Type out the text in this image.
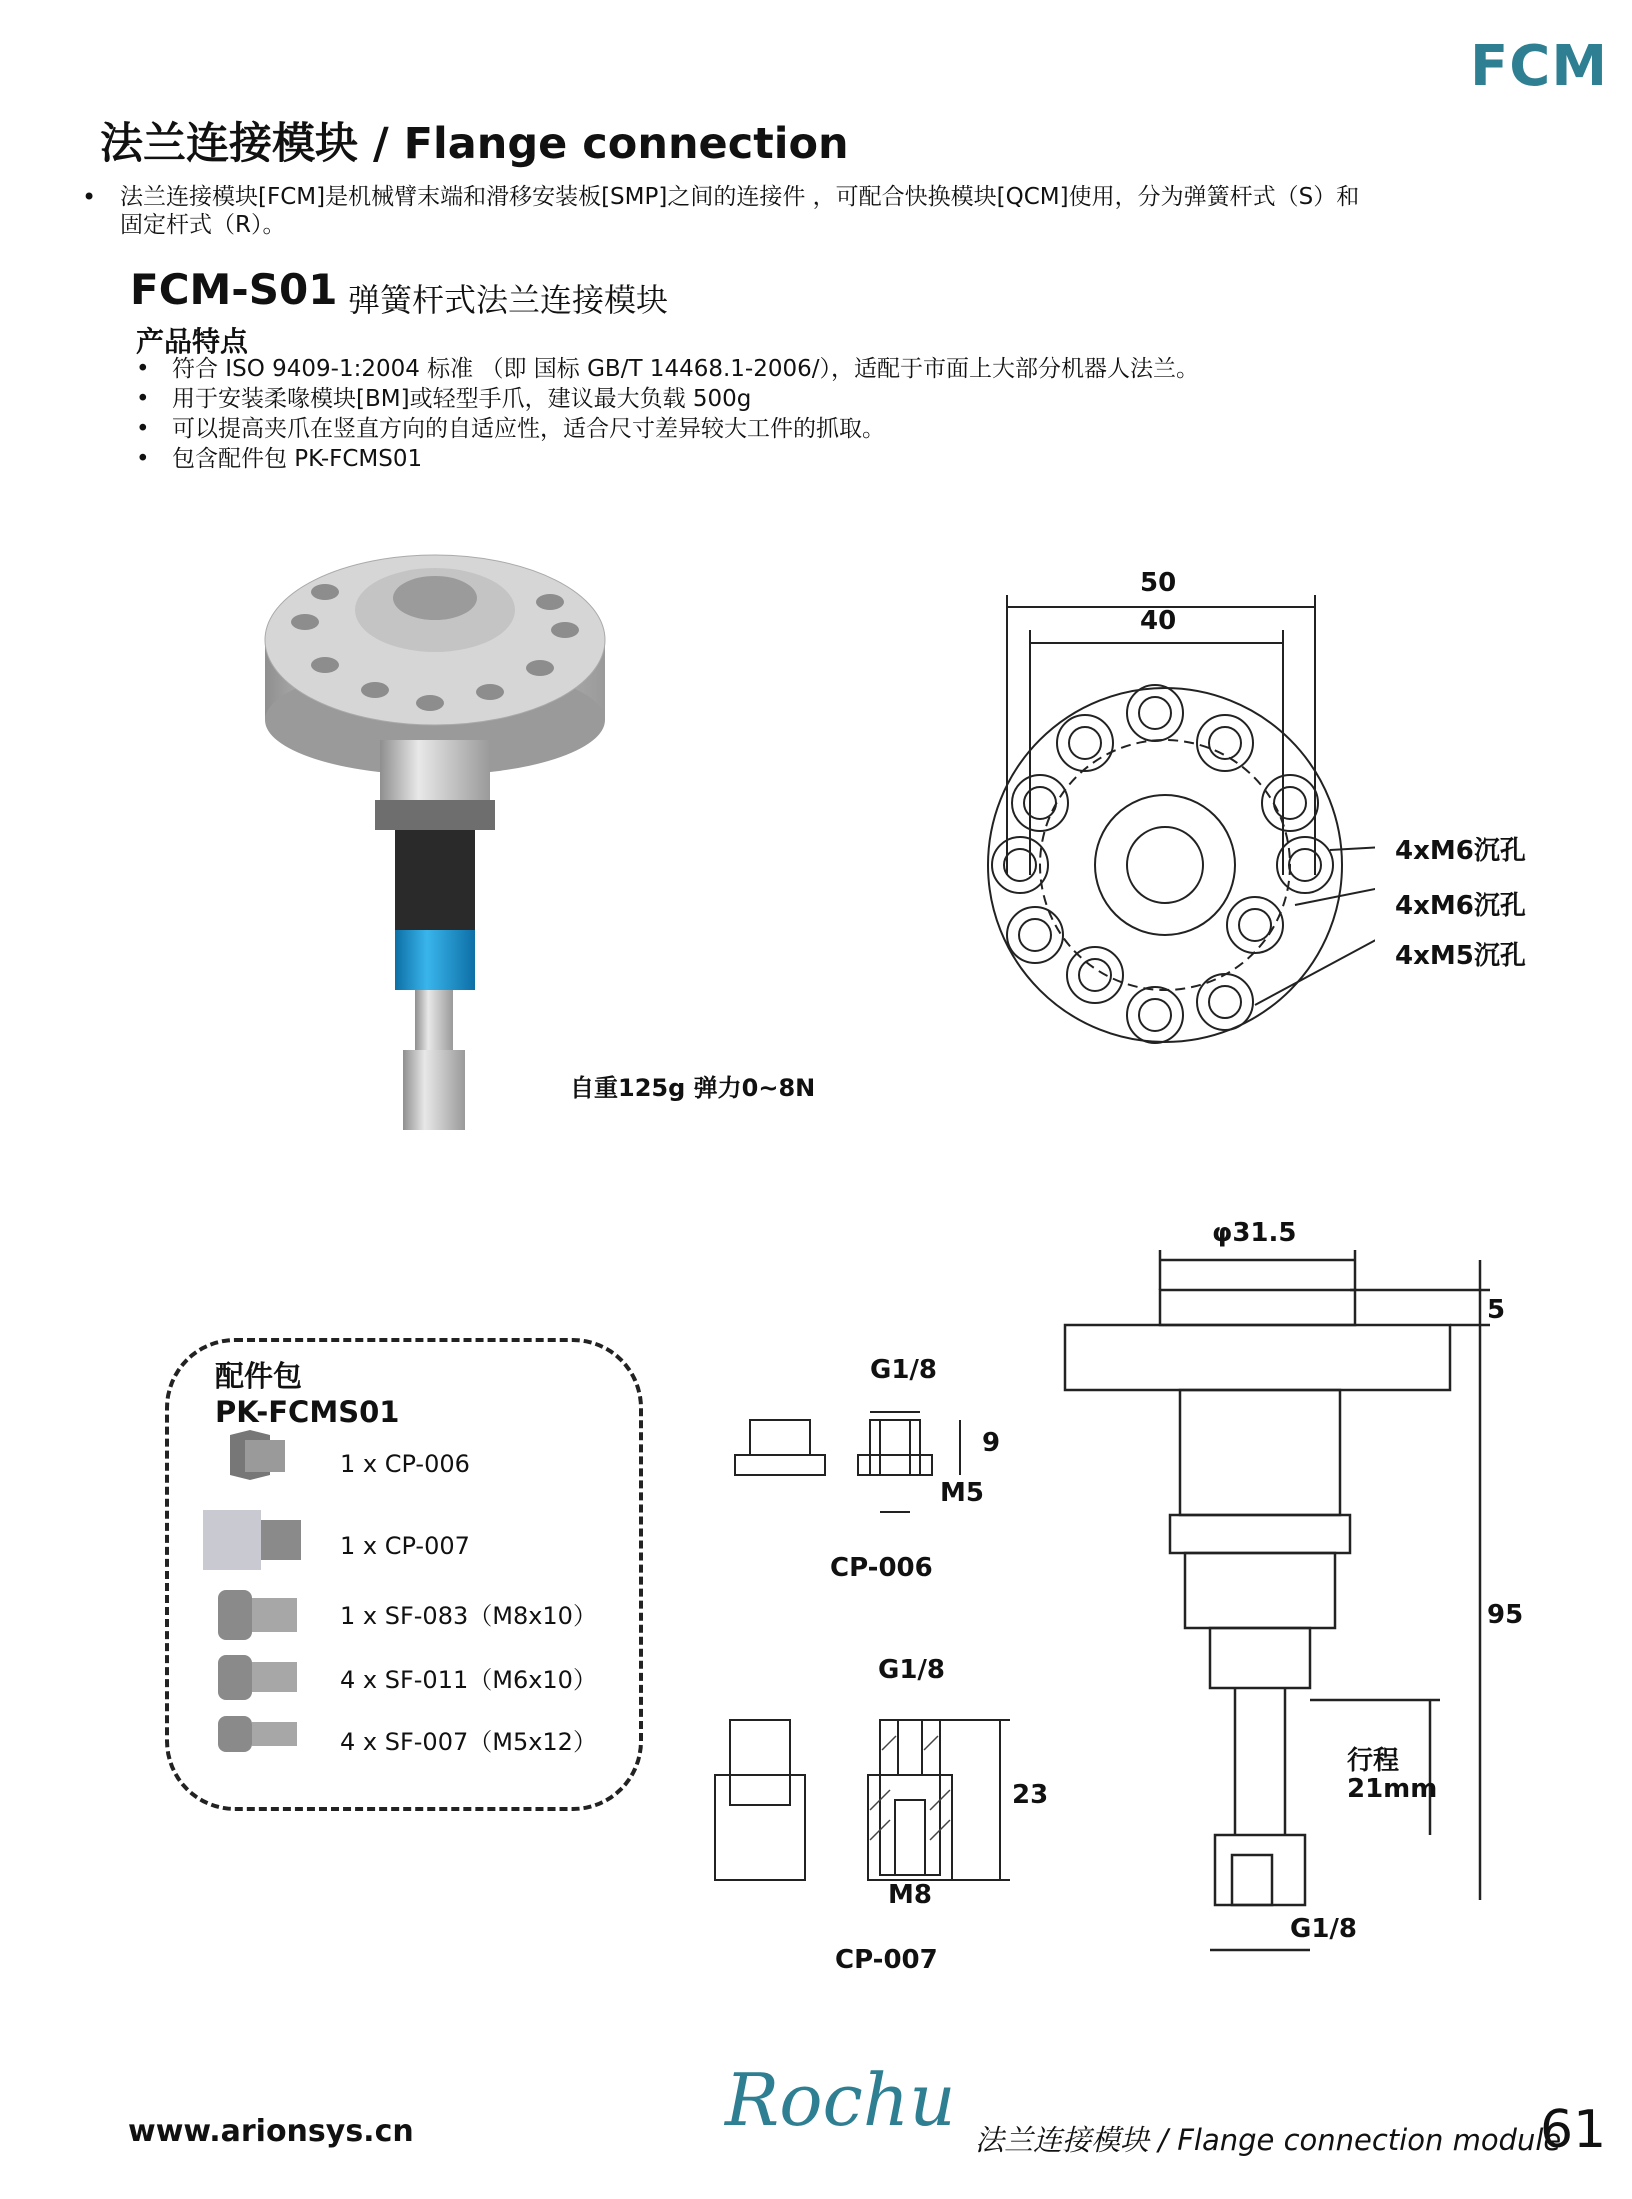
FCM
法兰连接模块 / Flange connection
• 法兰连接模块[FCM]是机械臂末端和滑移安装板[SMP]之间的连接件 ，可配合快换模块[QCM]使用，分为弹簧杆式（S）和
固定杆式（R）。
FCM-S01 弹簧杆式法兰连接模块
产品特点
• 符合 ISO 9409-1:2004 标准 （即 国标 GB/T 14468.1-2006/），适配于市面上大部分机器人法兰。
• 用于安装柔喙模块[BM]或轻型手爪，建议最大负载 500g
• 可以提高夹爪在竖直方向的自适应性，适合尺寸差异较大工件的抓取。
• 包含配件包 PK-FCMS01
自重125g 弹力0~8N
50
40
4xM6沉孔
4xM6沉孔
4xM5沉孔
配件包
PK-FCMS01
1 x CP-006
1 x CP-007
1 x SF-083（M8x10）
4 x SF-011（M6x10）
4 x SF-007（M5x12）
G1/8
9
M5
CP-006
G1/8
23
M8
CP-007
φ31.5
5
95
行程
21mm
G1/8
www.arionsys.cn	Rochu 法兰连接模块 / Flange connection module
61
